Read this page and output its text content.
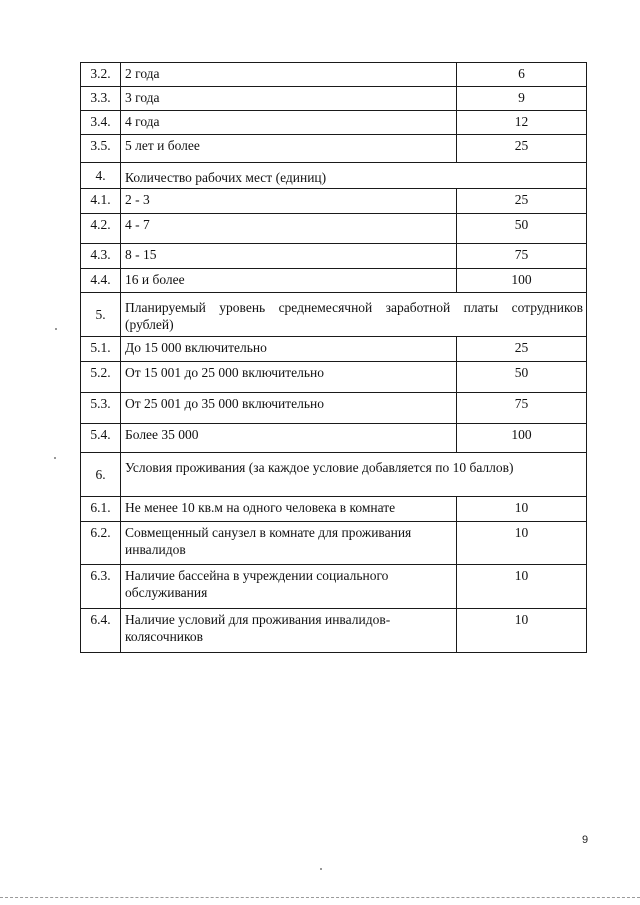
3.2.	2 года	6
3.3.	3 года	9
3.4.	4 года	12
3.5.	5 лет и более	25
4.	Количество рабочих мест (единиц)	
4.1.	2 - 3	25
4.2.	4 - 7	50
4.3.	8 - 15	75
4.4.	16 и более	100
5.	Планируемый уровень среднемесячной заработной платы сотрудников (рублей)	
5.1.	До 15 000 включительно	25
5.2.	От 15 001 до 25 000 включительно	50
5.3.	От 25 001 до 35 000 включительно	75
5.4.	Более 35 000	100
6.	Условия проживания (за каждое условие добавляется по 10 баллов)	
6.1.	Не менее 10 кв.м на одного человека в комнате	10
6.2.	Совмещенный санузел в комнате для проживания инвалидов	10
6.3.	Наличие бассейна в учреждении социального обслуживания	10
6.4.	Наличие условий для проживания инвалидов-колясочников	10
9
